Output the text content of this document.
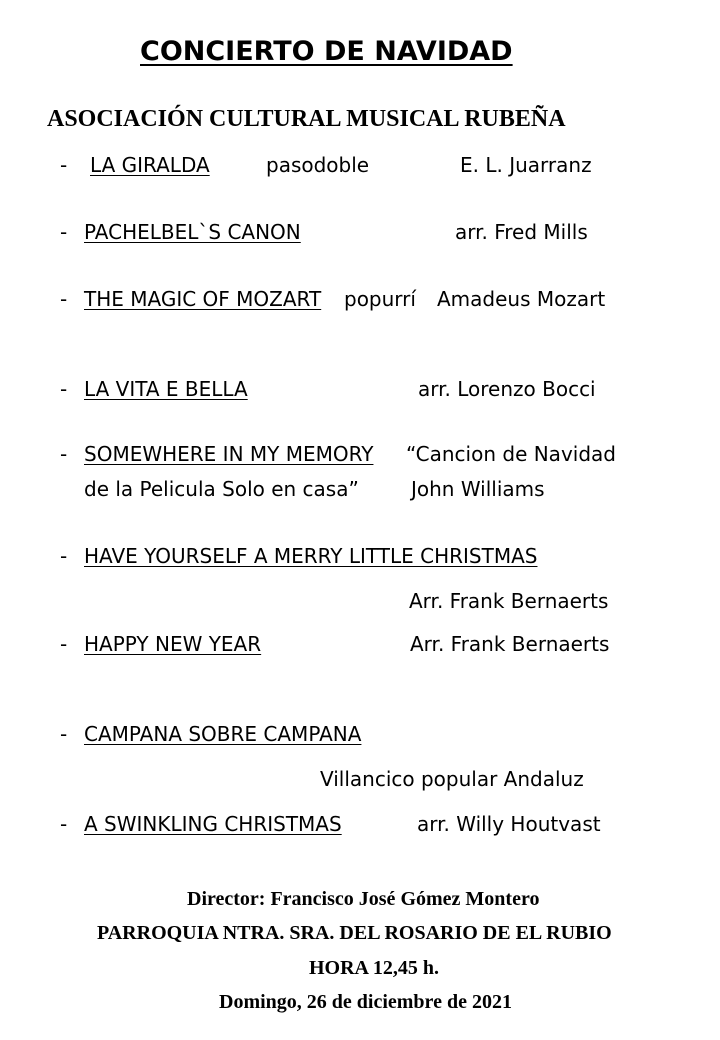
CONCIERTO DE NAVIDAD
ASOCIACIÓN CULTURAL MUSICAL RUBEÑA
- LA GIRALDA	pasodoble	E. L. Juarranz
- PACHELBEL`S CANON	arr. Fred Mills
- THE MAGIC OF MOZART popurrí Amadeus Mozart
- LA VITA E BELLA	arr. Lorenzo Bocci
- SOMEWHERE IN MY MEMORY “Cancion de Navidad
de la Pelicula Solo en casa”	John Williams
- HAVE YOURSELF A MERRY LITTLE CHRISTMAS
Arr. Frank Bernaerts
- HAPPY NEW YEAR	Arr. Frank Bernaerts
- CAMPANA SOBRE CAMPANA
Villancico popular Andaluz
- A SWINKLING CHRISTMAS	arr. Willy Houtvast
Director: Francisco José Gómez Montero
PARROQUIA NTRA. SRA. DEL ROSARIO DE EL RUBIO
HORA 12,45 h.
Domingo, 26 de diciembre de 2021
